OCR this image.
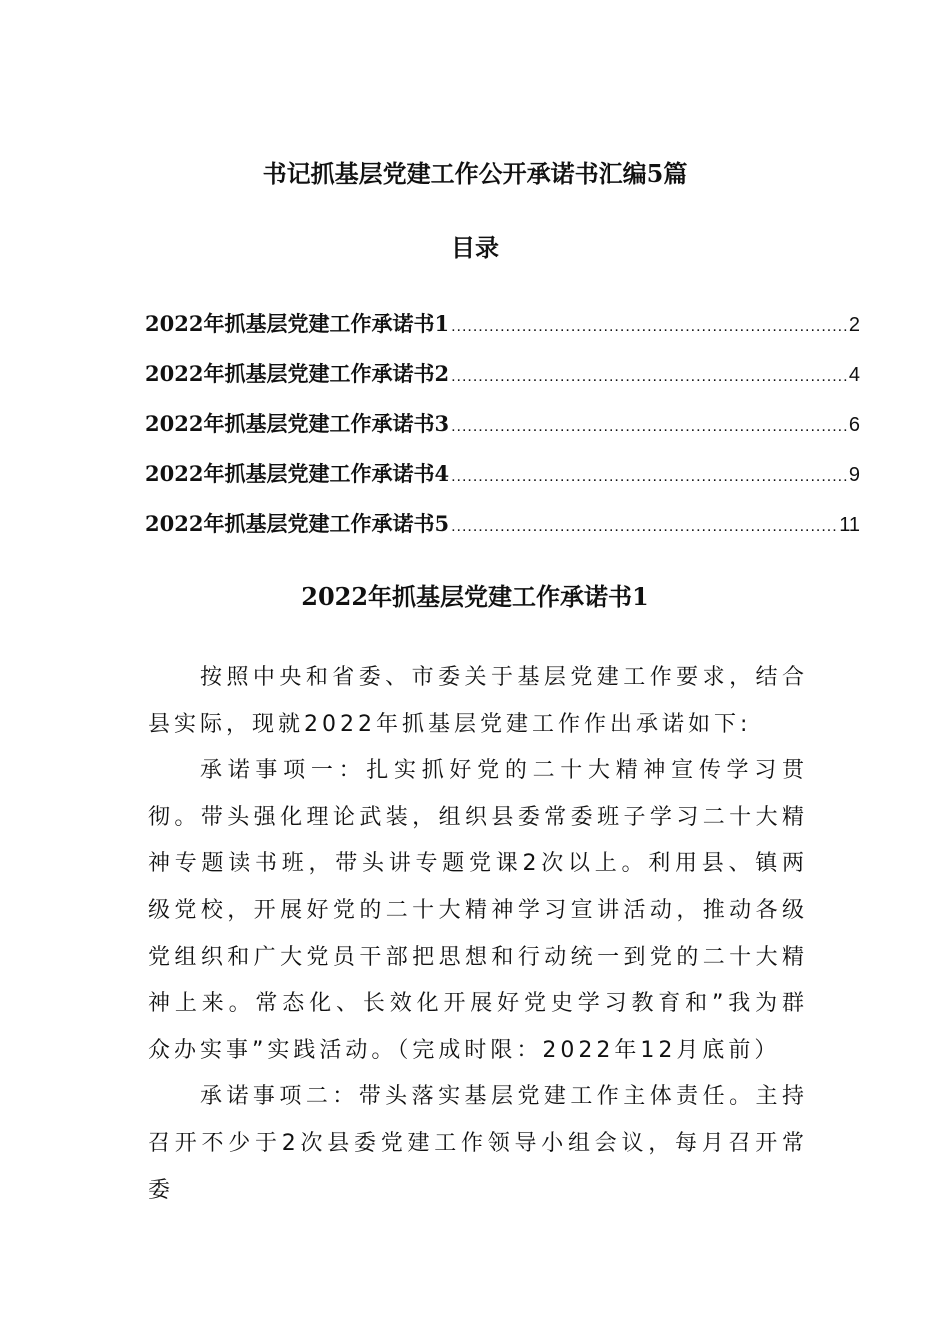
书记抓基层党建工作公开承诺书汇编5篇
目录
2022年抓基层党建工作承诺书1 .....	2
2022年抓基层党建工作承诺书2 .....	4
2022年抓基层党建工作承诺书3 .....	6
2022年抓基层党建工作承诺书4 .....	9
2022年抓基层党建工作承诺书5 .....	11
2022年抓基层党建工作承诺书1

按照中央和省委、市委关于基层党建工作要求，结合县实际，现就2022年抓基层党建工作作出承诺如下:

承诺事项一：扎实抓好党的二十大精神宣传学习贯彻。带头强化理论武装，组织县委常委班子学习二十大精神专题读书班，带头讲专题党课2次以上。利用县、镇两级党校，开展好党的二十大精神学习宣讲活动，推动各级党组织和广大党员干部把思想和行动统一到党的二十大精神上来。常态化、长效化开展好党史学习教育和”我为群众办实事”实践活动。（完成时限：2022年12月底前）

承诺事项二：带头落实基层党建工作主体责任。主持召开不少于2次县委党建工作领导小组会议，每月召开常委
